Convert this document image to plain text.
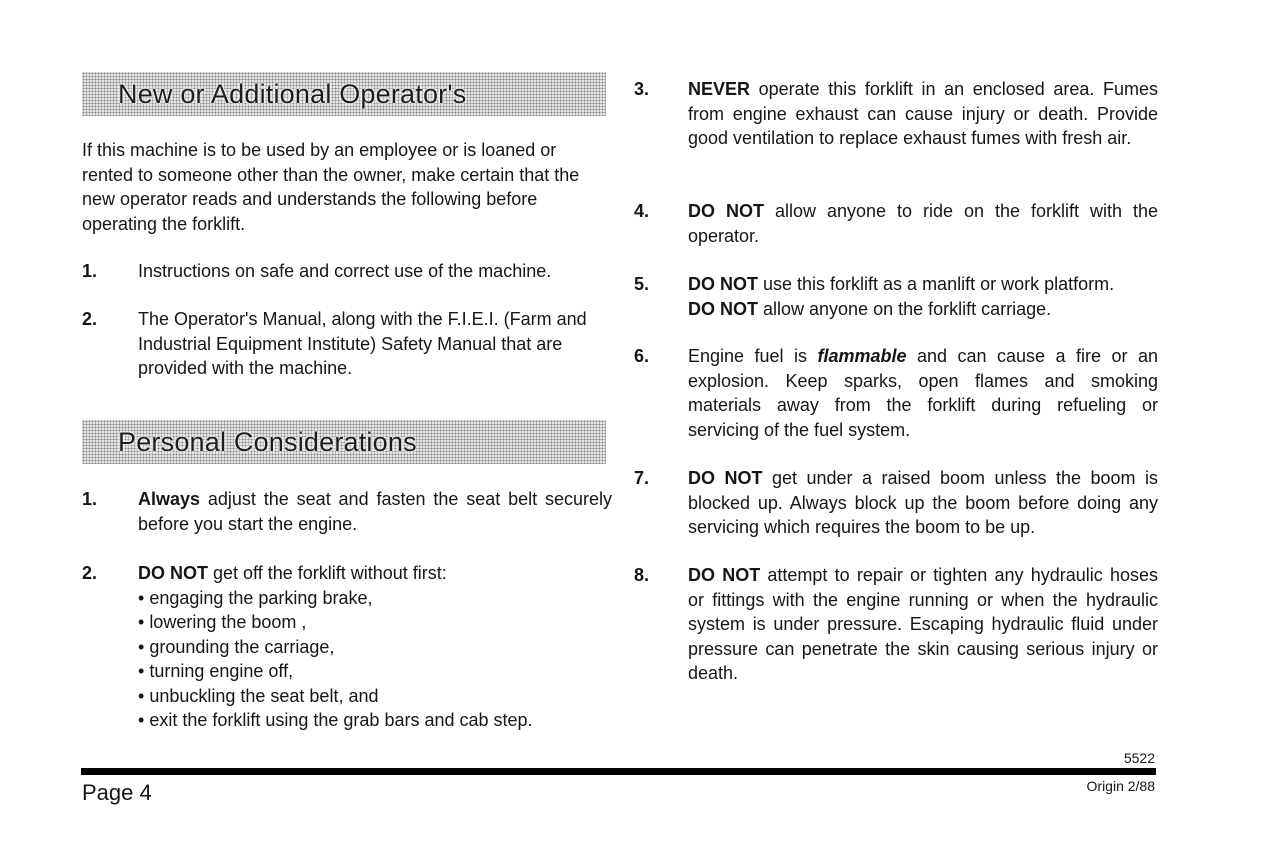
New or Additional Operator's

If this machine is to be used by an employee or is loaned or rented to someone other than the owner, make certain that the new operator reads and understands the following before operating the forklift.

1. Instructions on safe and correct use of the machine.
2. The Operator's Manual, along with the F.I.E.I. (Farm and Industrial Equipment Institute) Safety Manual that are provided with the machine.
Personal Considerations
1. Always adjust the seat and fasten the seat belt securely before you start the engine.
2. DO NOT get off the forklift without first:
• engaging the parking brake,
• lowering the boom ,
• grounding the carriage,
• turning engine off,
• unbuckling the seat belt, and
• exit the forklift using the grab bars and cab step.
3. NEVER operate this forklift in an enclosed area. Fumes from engine exhaust can cause injury or death. Provide good ventilation to replace exhaust fumes with fresh air.
4. DO NOT allow anyone to ride on the forklift with the operator.
5. DO NOT use this forklift as a manlift or work platform.
DO NOT allow anyone on the forklift carriage.
6. Engine fuel is flammable and can cause a fire or an explosion. Keep sparks, open flames and smoking materials away from the forklift during refueling or servicing of the fuel system.
7. DO NOT get under a raised boom unless the boom is blocked up. Always block up the boom before doing any servicing which requires the boom to be up.
8. DO NOT attempt to repair or tighten any hydraulic hoses or fittings with the engine running or when the hydraulic system is under pressure. Escaping hydraulic fluid under pressure can penetrate the skin causing serious injury or death.
5522
Page 4	Origin 2/88
